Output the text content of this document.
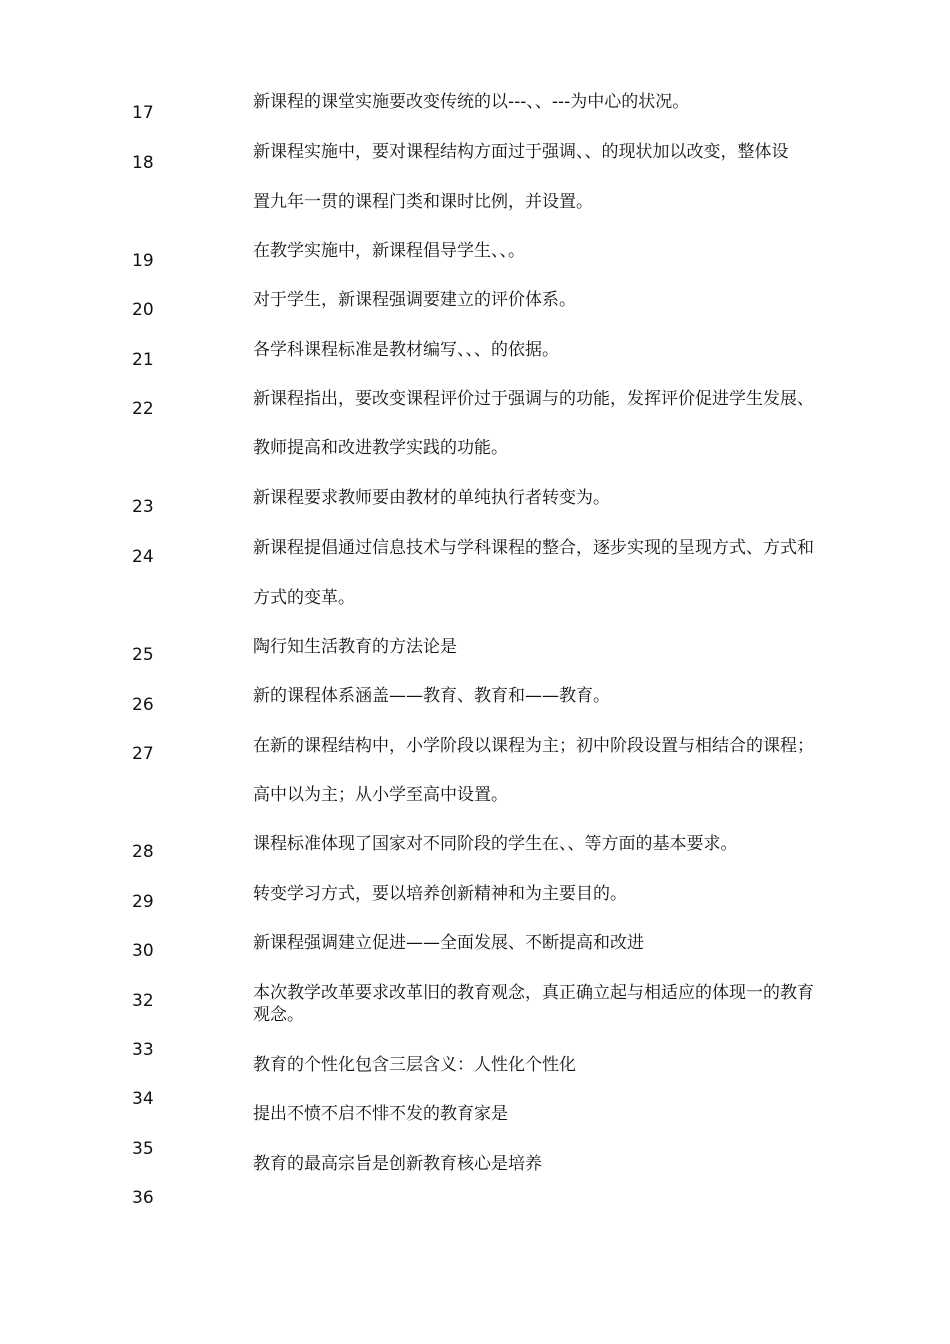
17
18
19
20
21
22
23
24
25
26
27
28
29
30
32
33
34
35
36
新课程的课堂实施要改变传统的以---、、---为中心的状况。
新课程实施中，要对课程结构方面过于强调、、的现状加以改变，整体设
置九年一贯的课程门类和课时比例，并设置。
在教学实施中，新课程倡导学生、、。
对于学生，新课程强调要建立的评价体系。
各学科课程标准是教材编写、、、的依据。
新课程指出，要改变课程评价过于强调与的功能，发挥评价促进学生发展、
教师提高和改进教学实践的功能。
新课程要求教师要由教材的单纯执行者转变为。
新课程提倡通过信息技术与学科课程的整合，逐步实现的呈现方式、方式和
方式的变革。
陶行知生活教育的方法论是
新的课程体系涵盖——教育、教育和——教育。
在新的课程结构中，小学阶段以课程为主；初中阶段设置与相结合的课程；
高中以为主；从小学至高中设置。
课程标准体现了国家对不同阶段的学生在、、等方面的基本要求。
转变学习方式，要以培养创新精神和为主要目的。
新课程强调建立促进——全面发展、不断提高和改进
本次教学改革要求改革旧的教育观念，真正确立起与相适应的体现一的教育
观念。
教育的个性化包含三层含义：人性化个性化
提出不愤不启不悱不发的教育家是
教育的最高宗旨是创新教育核心是培养
